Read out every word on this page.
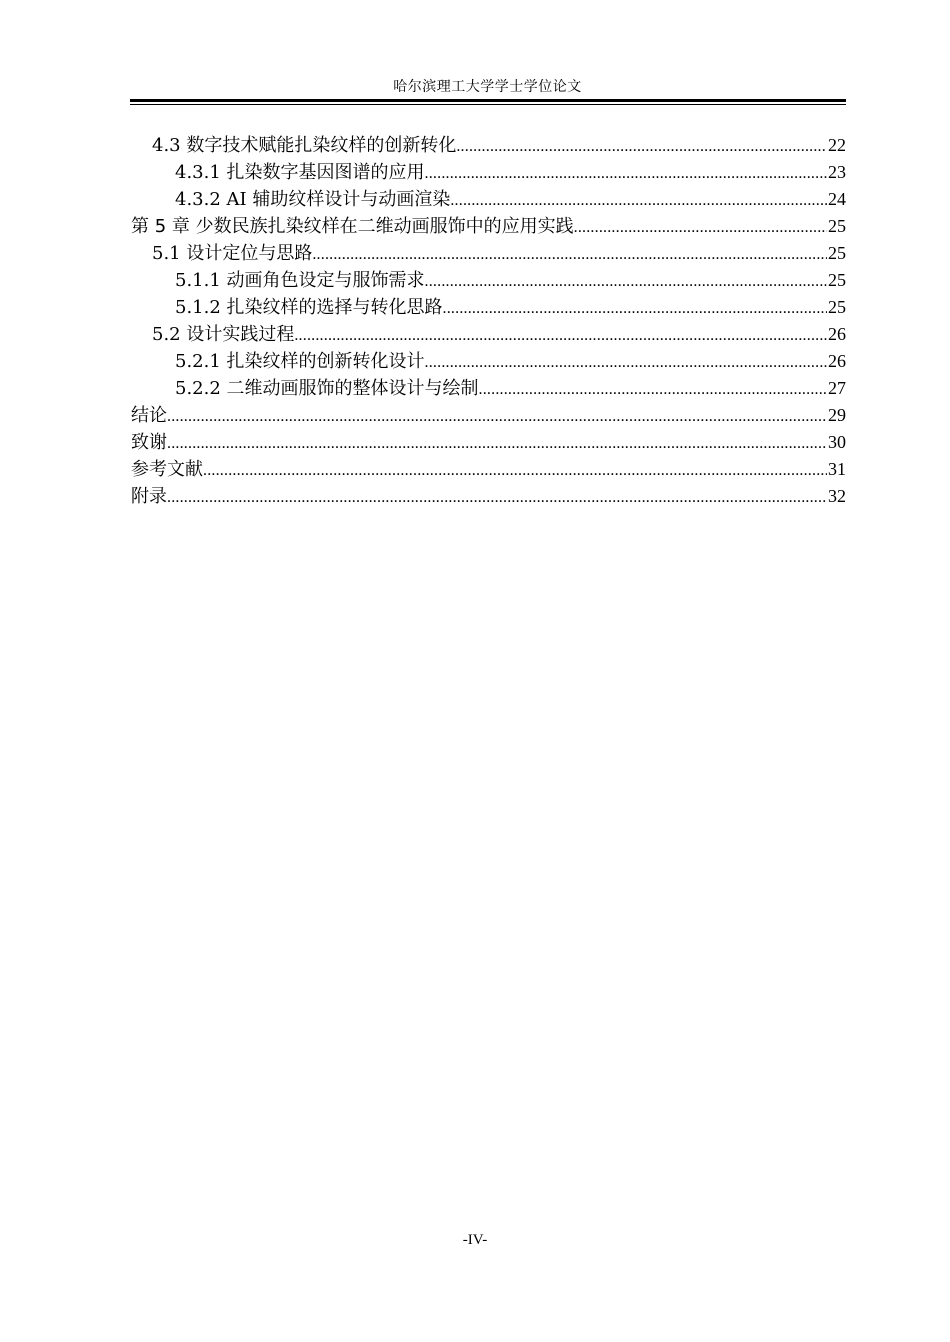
哈尔滨理工大学学士学位论文
4.3 数字技术赋能扎染纹样的创新转化 .....	22
4.3.1 扎染数字基因图谱的应用 .....	23
4.3.2 AI 辅助纹样设计与动画渲染 .....	24
第 5 章 少数民族扎染纹样在二维动画服饰中的应用实践 .....	25
5.1 设计定位与思路 .....	25
5.1.1 动画角色设定与服饰需求 .....	25
5.1.2 扎染纹样的选择与转化思路 .....	25
5.2 设计实践过程 .....	26
5.2.1 扎染纹样的创新转化设计 .....	26
5.2.2 二维动画服饰的整体设计与绘制 .....	27
结论 .....	29
致谢 .....	30
参考文献 .....	31
附录 .....	32
-IV-
